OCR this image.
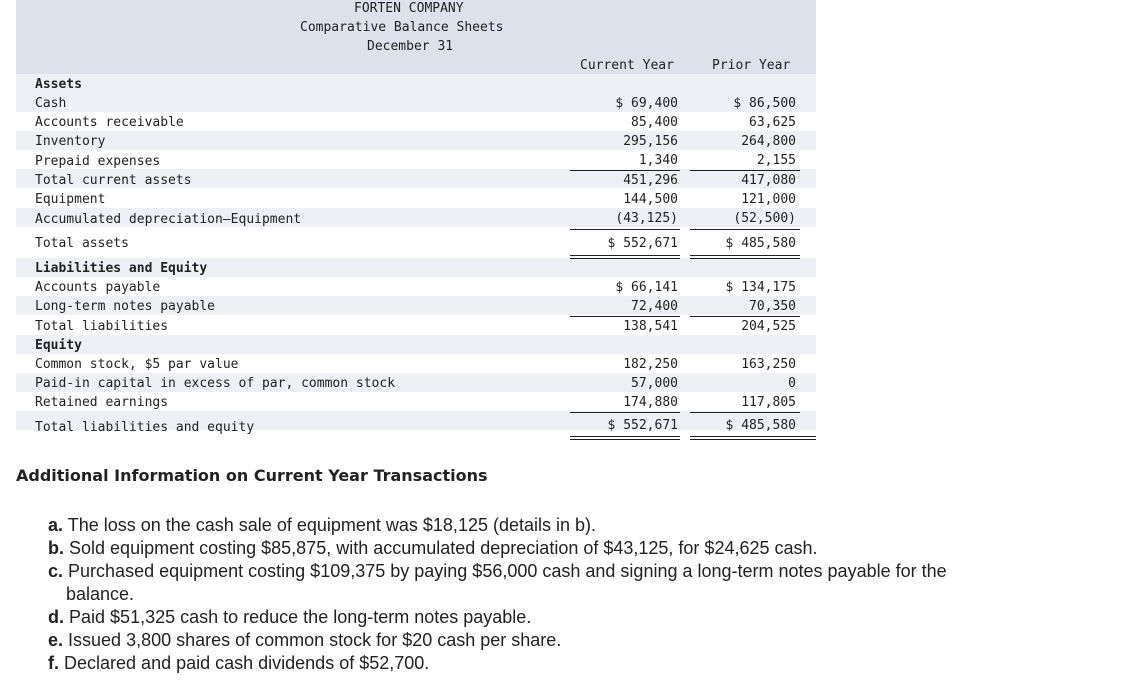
FORTEN COMPANY
Comparative Balance Sheets
December 31
Current Year	Prior Year
Assets
Cash	$ 69,400	$ 86,500
Accounts receivable	85,400	63,625
Inventory	295,156	264,800
Prepaid expenses	1,340	2,155
Total current assets	451,296	417,080
Equipment	144,500	121,000
Accumulated depreciation—Equipment	(43,125)	(52,500)
Total assets	$ 552,671	$ 485,580
Liabilities and Equity
Accounts payable	$ 66,141	$ 134,175
Long-term notes payable	72,400	70,350
Total liabilities	138,541	204,525
Equity
Common stock, $5 par value	182,250	163,250
Paid-in capital in excess of par, common stock	57,000	0
Retained earnings	174,880	117,805
Total liabilities and equity	$ 552,671	$ 485,580
Additional Information on Current Year Transactions
a. The loss on the cash sale of equipment was $18,125 (details in b).
b. Sold equipment costing $85,875, with accumulated depreciation of $43,125, for $24,625 cash.
c. Purchased equipment costing $109,375 by paying $56,000 cash and signing a long-term notes payable for the
balance.
d. Paid $51,325 cash to reduce the long-term notes payable.
e. Issued 3,800 shares of common stock for $20 cash per share.
f. Declared and paid cash dividends of $52,700.
